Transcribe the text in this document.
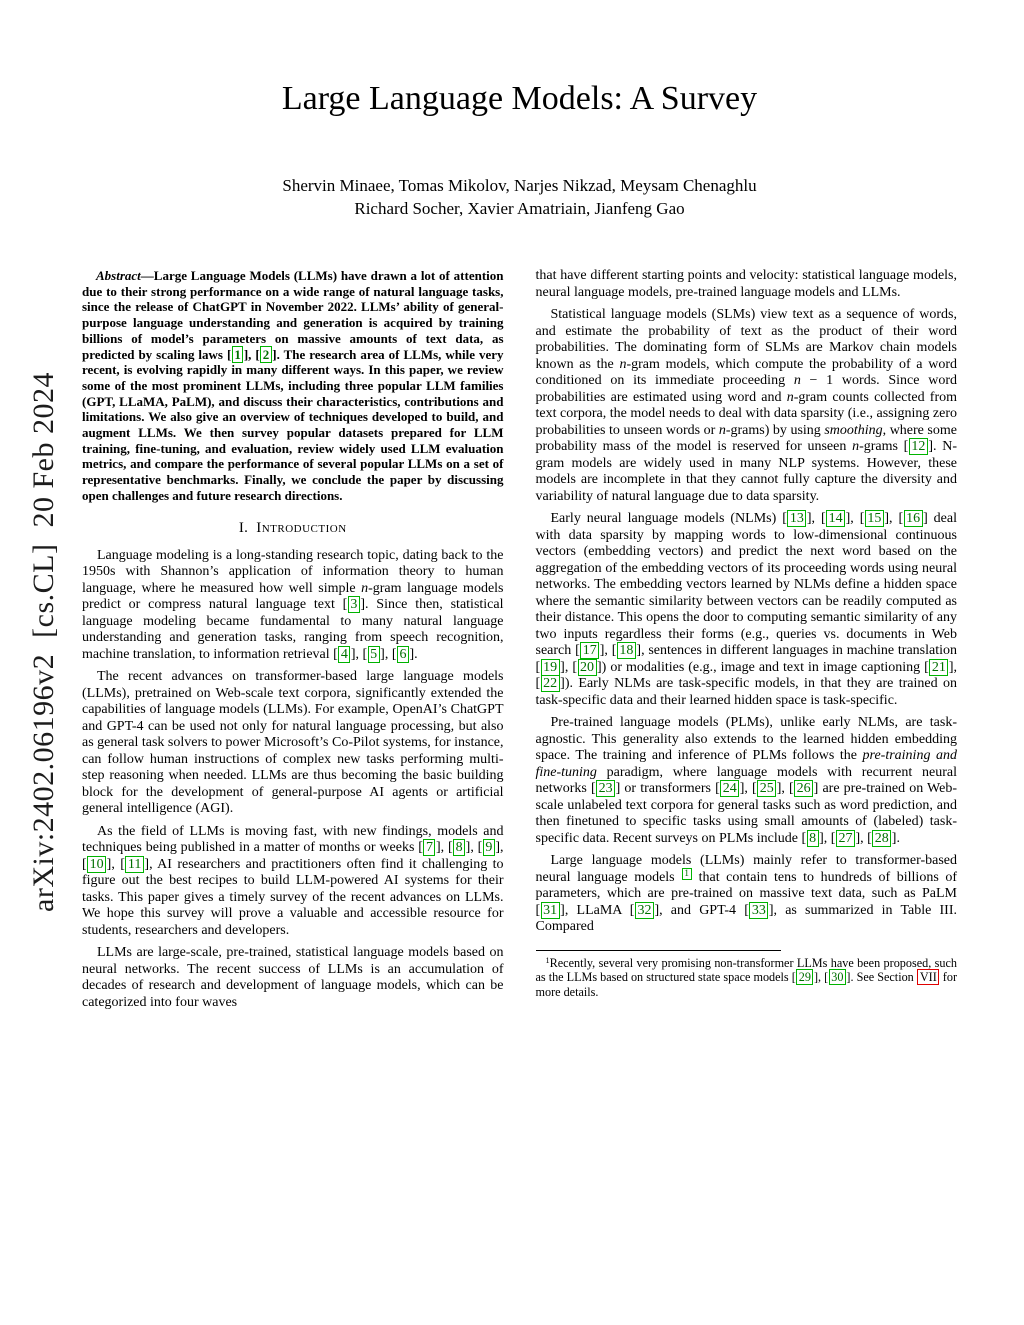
arXiv:2402.06196v2  [cs.CL]  20 Feb 2024
Large Language Models: A Survey
Shervin Minaee, Tomas Mikolov, Narjes Nikzad, Meysam Chenaghlu
Richard Socher, Xavier Amatriain, Jianfeng Gao

Abstract—Large Language Models (LLMs) have drawn a lot of attention due to their strong performance on a wide range of natural language tasks, since the release of ChatGPT in November 2022. LLMs’ ability of general-purpose language understanding and generation is acquired by training billions of model’s parameters on massive amounts of text data, as predicted by scaling laws [ 1 ], [ 2 ]. The research area of LLMs, while very recent, is evolving rapidly in many different ways. In this paper, we review some of the most prominent LLMs, including three popular LLM families (GPT, LLaMA, PaLM), and discuss their characteristics, contributions and limitations. We also give an overview of techniques developed to build, and augment LLMs. We then survey popular datasets prepared for LLM training, fine-tuning, and evaluation, review widely used LLM evaluation metrics, and compare the performance of several popular LLMs on a set of representative benchmarks. Finally, we conclude the paper by discussing open challenges and future research directions.

I. Introduction

Language modeling is a long-standing research topic, dating back to the 1950s with Shannon’s application of information theory to human language, where he measured how well simple n-gram language models predict or compress natural language text [ 3 ]. Since then, statistical language modeling became fundamental to many natural language understanding and generation tasks, ranging from speech recognition, machine translation, to information retrieval [ 4 ], [ 5 ], [ 6 ].

The recent advances on transformer-based large language models (LLMs), pretrained on Web-scale text corpora, significantly extended the capabilities of language models (LLMs). For example, OpenAI’s ChatGPT and GPT-4 can be used not only for natural language processing, but also as general task solvers to power Microsoft’s Co-Pilot systems, for instance, can follow human instructions of complex new tasks performing multi-step reasoning when needed. LLMs are thus becoming the basic building block for the development of general-purpose AI agents or artificial general intelligence (AGI).

As the field of LLMs is moving fast, with new findings, models and techniques being published in a matter of months or weeks [ 7 ], [ 8 ], [ 9 ], [ 10 ], [ 11 ], AI researchers and practitioners often find it challenging to figure out the best recipes to build LLM-powered AI systems for their tasks. This paper gives a timely survey of the recent advances on LLMs. We hope this survey will prove a valuable and accessible resource for students, researchers and developers.

LLMs are large-scale, pre-trained, statistical language models based on neural networks. The recent success of LLMs is an accumulation of decades of research and development of language models, which can be categorized into four waves

that have different starting points and velocity: statistical language models, neural language models, pre-trained language models and LLMs.

Statistical language models (SLMs) view text as a sequence of words, and estimate the probability of text as the product of their word probabilities. The dominating form of SLMs are Markov chain models known as the n-gram models, which compute the probability of a word conditioned on its immediate proceeding n − 1 words. Since word probabilities are estimated using word and n-gram counts collected from text corpora, the model needs to deal with data sparsity (i.e., assigning zero probabilities to unseen words or n-grams) by using smoothing, where some probability mass of the model is reserved for unseen n-grams [ 12 ]. N-gram models are widely used in many NLP systems. However, these models are incomplete in that they cannot fully capture the diversity and variability of natural language due to data sparsity.

Early neural language models (NLMs) [ 13 ], [ 14 ], [ 15 ], [ 16 ] deal with data sparsity by mapping words to low-dimensional continuous vectors (embedding vectors) and predict the next word based on the aggregation of the embedding vectors of its proceeding words using neural networks. The embedding vectors learned by NLMs define a hidden space where the semantic similarity between vectors can be readily computed as their distance. This opens the door to computing semantic similarity of any two inputs regardless their forms (e.g., queries vs. documents in Web search [ 17 ], [ 18 ], sentences in different languages in machine translation [ 19 ], [ 20 ]) or modalities (e.g., image and text in image captioning [ 21 ], [ 22 ]). Early NLMs are task-specific models, in that they are trained on task-specific data and their learned hidden space is task-specific.

Pre-trained language models (PLMs), unlike early NLMs, are task-agnostic. This generality also extends to the learned hidden embedding space. The training and inference of PLMs follows the pre-training and fine-tuning paradigm, where language models with recurrent neural networks [ 23 ] or transformers [ 24 ], [ 25 ], [ 26 ] are pre-trained on Web-scale unlabeled text corpora for general tasks such as word prediction, and then finetuned to specific tasks using small amounts of (labeled) task-specific data. Recent surveys on PLMs include [ 8 ], [ 27 ], [ 28 ].

Large language models (LLMs) mainly refer to transformer-based neural language models $^1$ that contain tens to hundreds of billions of parameters, which are pre-trained on massive text data, such as PaLM [ 31 ], LLaMA [ 32 ], and GPT-4 [ 33 ], as summarized in Table III. Compared

$^1$Recently, several very promising non-transformer LLMs have been proposed, such as the LLMs based on structured state space models [ 29 ], [ 30 ]. See Section VII for more details.
